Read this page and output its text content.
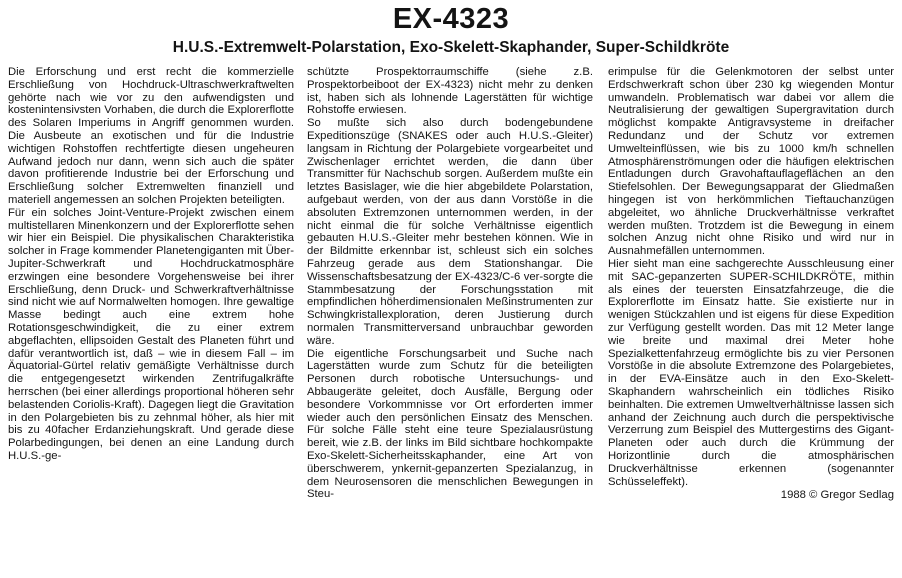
EX-4323
H.U.S.-Extremwelt-Polarstation, Exo-Skelett-Skaphander, Super-Schildkröte

Die Erforschung und erst recht die kommerzielle Erschließung von Hochdruck-Ultraschwerkraftwelten gehörte nach wie vor zu den aufwendigsten und kostenintensivsten Vorhaben, die durch die Explorerflotte des Solaren Imperiums in Angriff genommen wurden. Die Ausbeute an exotischen und für die Industrie wichtigen Rohstoffen rechtfertigte diesen ungeheuren Aufwand jedoch nur dann, wenn sich auch die später davon profitierende Industrie bei der Erforschung und Erschließung solcher Extremwelten finanziell und materiell angemessen an solchen Projekten beteiligten.

Für ein solches Joint-Venture-Projekt zwischen einem multistellaren Minenkonzern und der Explorerflotte sehen wir hier ein Beispiel. Die physikalischen Charakteristika solcher in Frage kommender Planetengiganten mit Über-Jupiter-Schwerkraft und Hochdruckatmosphäre erzwingen eine besondere Vorgehensweise bei ihrer Erschließung, denn Druck- und Schwerkraftverhältnisse sind nicht wie auf Normalwelten homogen. Ihre gewaltige Masse bedingt auch eine extrem hohe Rotationsgeschwindigkeit, die zu einer extrem abgeflachten, ellipsoiden Gestalt des Planeten führt und dafür verantwortlich ist, daß – wie in diesem Fall – im Äquatorial-Gürtel relativ gemäßigte Verhältnisse durch die entgegengesetzt wirkenden Zentrifugalkräfte herrschen (bei einer allerdings proportional höheren sehr belastenden Coriolis-Kraft). Dagegen liegt die Gravitation in den Polargebieten bis zu zehnmal höher, als hier mit bis zu 40facher Erdanziehungskraft. Und gerade diese Polarbedingungen, bei denen an eine Landung durch H.U.S.-ge-

schützte Prospektorraumschiffe (siehe z.B. Prospektorbeiboot der EX-4323) nicht mehr zu denken ist, haben sich als lohnende Lagerstätten für wichtige Rohstoffe erwiesen.

So mußte sich also durch bodengebundene Expeditionszüge (SNAKES oder auch H.U.S.-Gleiter) langsam in Richtung der Polargebiete vorgearbeitet und Zwischenlager errichtet werden, die dann über Transmitter für Nachschub sorgen. Außerdem mußte ein letztes Basislager, wie die hier abgebildete Polarstation, aufgebaut werden, von der aus dann Vorstöße in die absoluten Extremzonen unternommen werden, in der nicht einmal die für solche Verhältnisse eigentlich gebauten H.U.S.-Gleiter mehr bestehen können. Wie in der Bildmitte erkennbar ist, schleust sich ein solches Fahrzeug gerade aus dem Stationshangar. Die Wissenschaftsbesatzung der EX-4323/C-6 ver-sorgte die Stammbesatzung der Forschungsstation mit empfindlichen höherdimensionalen Meßinstrumenten zur Schwingkristallexploration, deren Justierung durch normalen Transmitterversand unbrauchbar geworden wäre.

Die eigentliche Forschungsarbeit und Suche nach Lagerstätten wurde zum Schutz für die beteiligten Personen durch robotische Untersuchungs- und Abbaugeräte geleitet, doch Ausfälle, Bergung oder besondere Vorkommnisse vor Ort erforderten immer wieder auch den persönlichen Einsatz des Menschen. Für solche Fälle steht eine teure Spezialausrüstung bereit, wie z.B. der links im Bild sichtbare hochkompakte Exo-Skelett-Sicherheitsskaphander, eine Art von überschwerem, ynkernit-gepanzerten Spezialanzug, in dem Neurosensoren die menschlichen Bewegungen in Steu-

erimpulse für die Gelenkmotoren der selbst unter Erdschwerkraft schon über 230 kg wiegenden Montur umwandeln. Problematisch war dabei vor allem die Neutralisierung der gewaltigen Supergravitation durch möglichst kompakte Antigravsysteme in dreifacher Redundanz und der Schutz vor extremen Umwelteinflüssen, wie bis zu 1000 km/h schnellen Atmosphärenströmungen oder die häufigen elektrischen Entladungen durch Gravohaftauflageflächen an den Stiefelsohlen. Der Bewegungsapparat der Gliedmaßen hingegen ist von herkömmlichen Tieftauchanzügen abgeleitet, wo ähnliche Druckverhältnisse verkraftet werden mußten. Trotzdem ist die Bewegung in einem solchen Anzug nicht ohne Risiko und wird nur in Ausnahmefällen unternommen.

Hier sieht man eine sachgerechte Ausschleusung einer mit SAC-gepanzerten SUPER-SCHILDKRÖTE, mithin als eines der teuersten Einsatzfahrzeuge, die die Explorerflotte im Einsatz hatte. Sie existierte nur in wenigen Stückzahlen und ist eigens für diese Expedition zur Verfügung gestellt worden. Das mit 12 Meter lange wie breite und maximal drei Meter hohe Spezialkettenfahrzeug ermöglichte bis zu vier Personen Vorstöße in die absolute Extremzone des Polargebietes, in der EVA-Einsätze auch in den Exo-Skelett-Skaphandern wahrscheinlich ein tödliches Risiko beinhalten. Die extremen Umweltverhältnisse lassen sich anhand der Zeichnung auch durch die perspektivische Verzerrung zum Beispiel des Muttergestirns des Gigant-Planeten oder auch durch die Krümmung der Horizontlinie durch die atmosphärischen Druckverhältnisse erkennen (sogenannter Schüsseleffekt).
1988 © Gregor Sedlag
